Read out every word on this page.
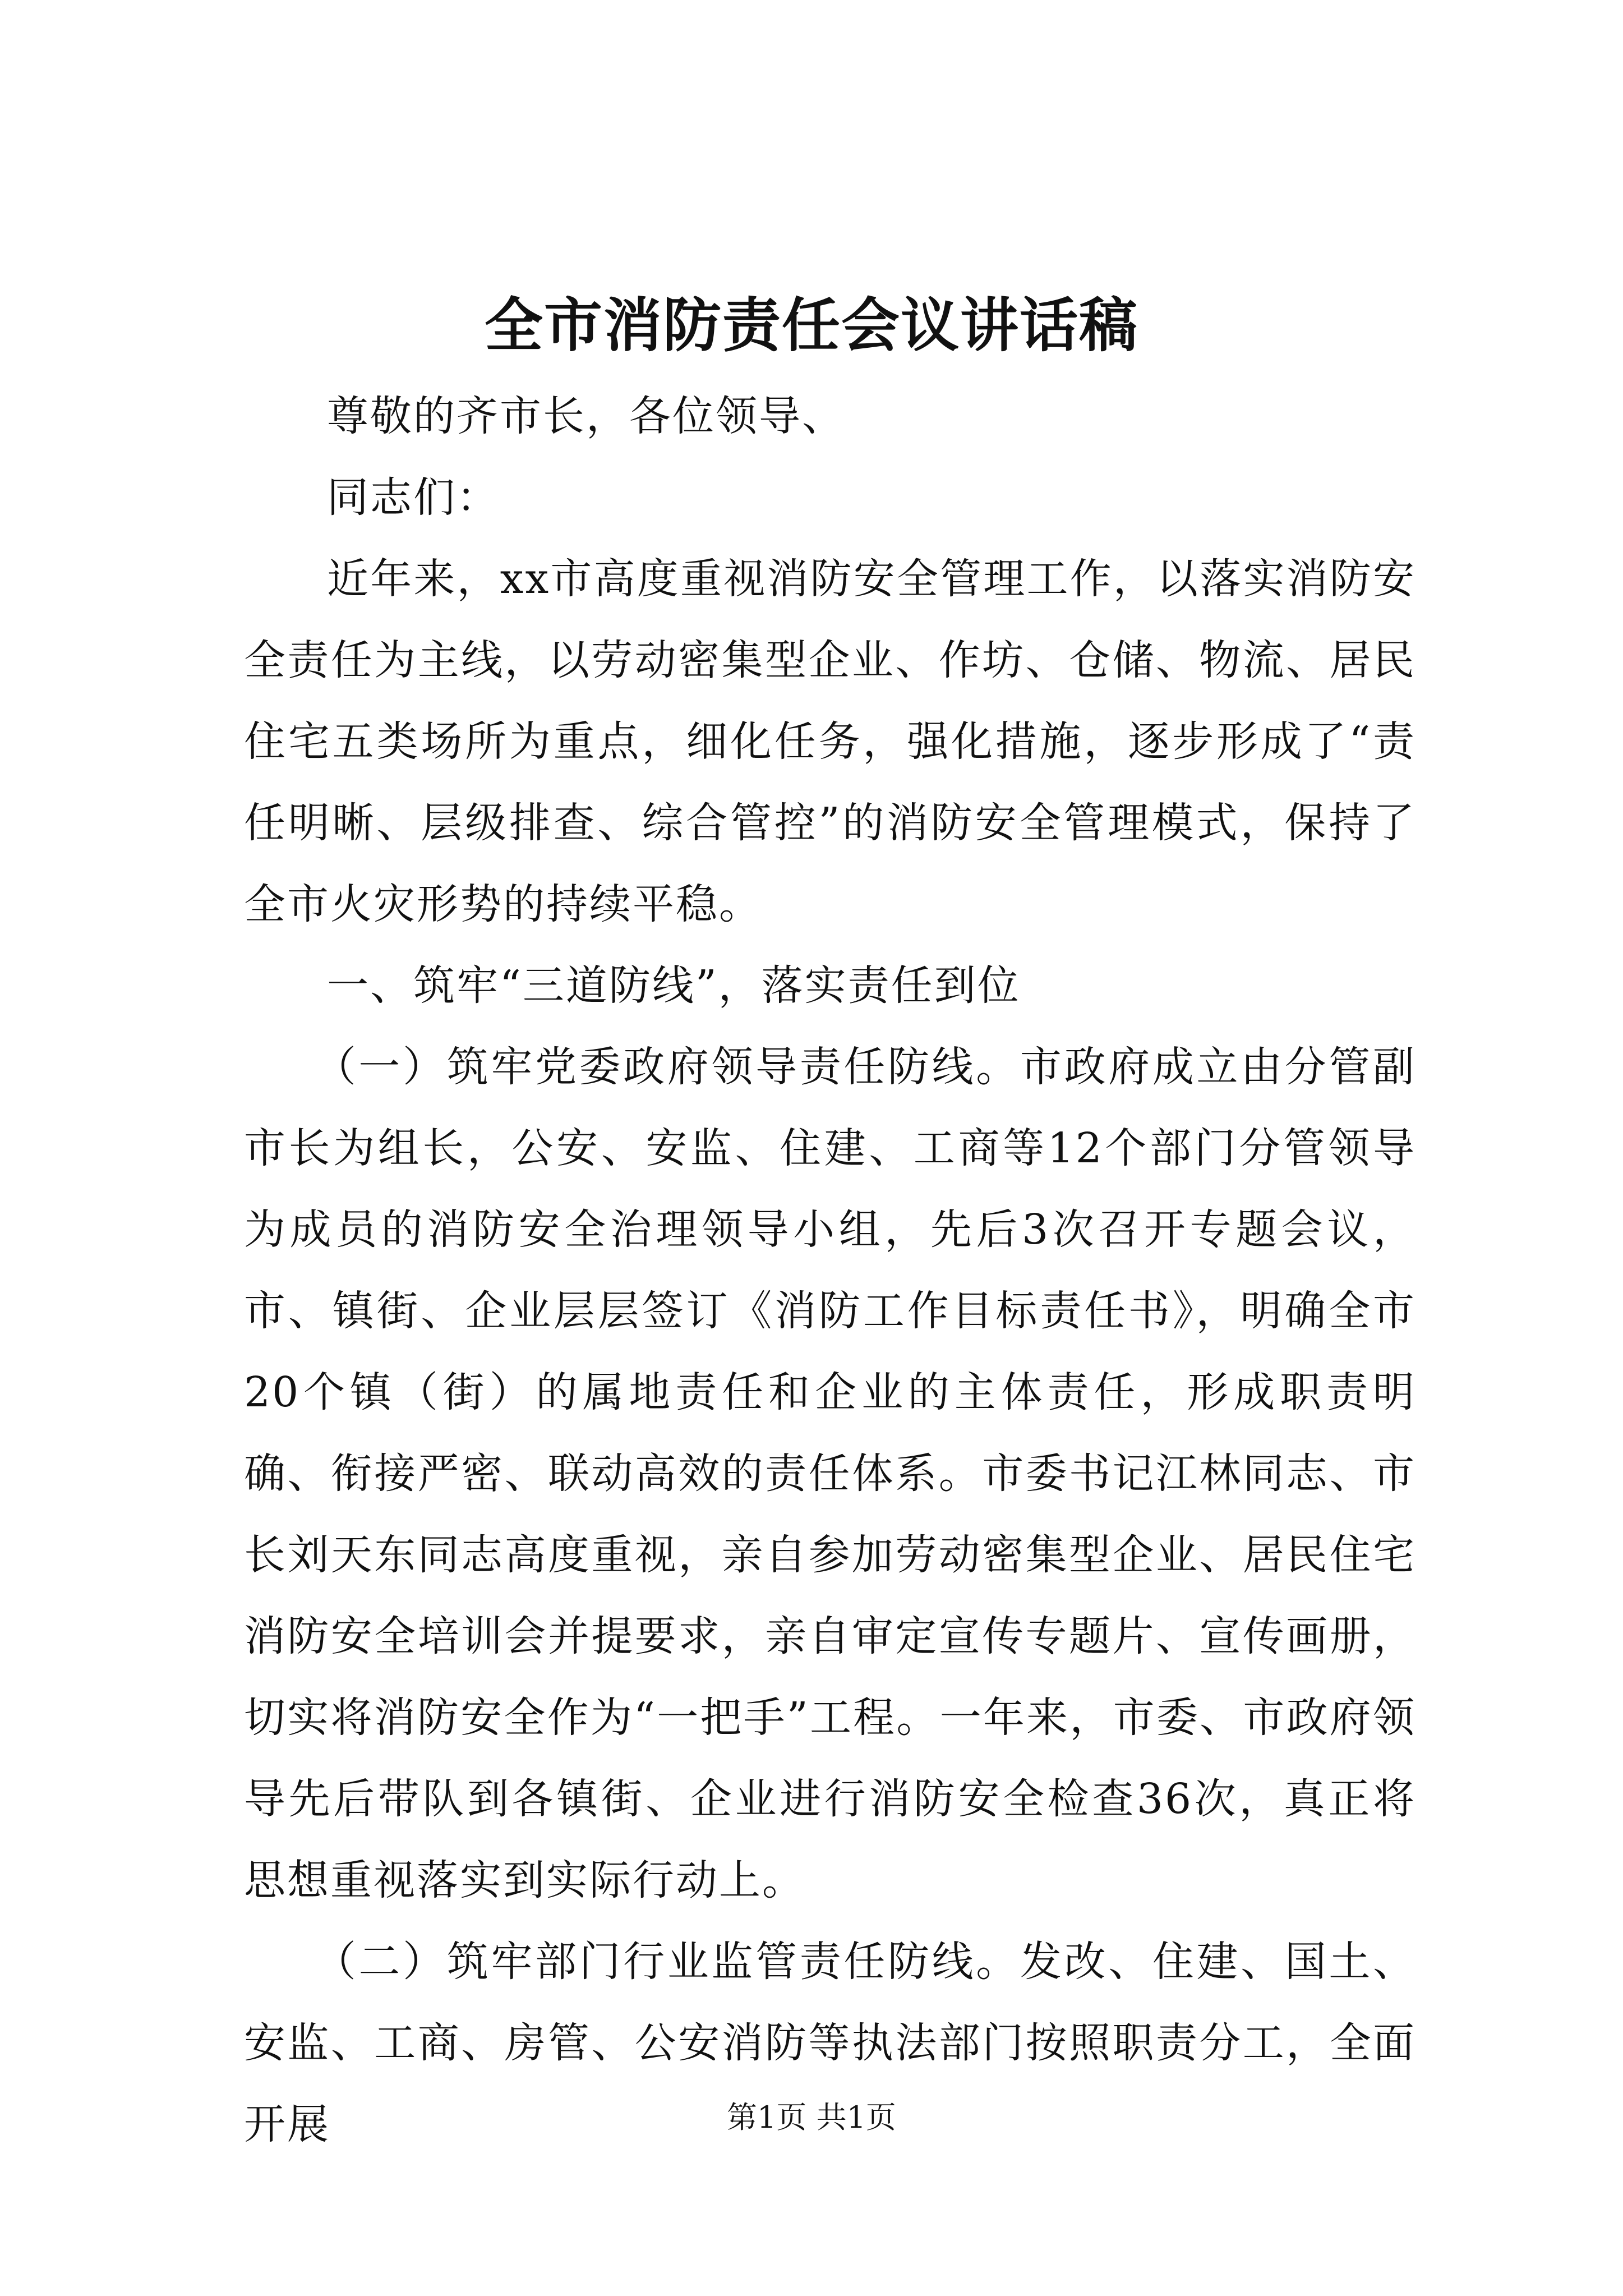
全市消防责任会议讲话稿

尊敬的齐市长，各位领导、

同志们：

近年来，xx市高度重视消防安全管理工作，以落实消防安全责任为主线，以劳动密集型企业、作坊、仓储、物流、居民住宅五类场所为重点，细化任务，强化措施，逐步形成了“责任明晰、层级排查、综合管控”的消防安全管理模式，保持了全市火灾形势的持续平稳。

一、筑牢“三道防线”，落实责任到位

（一）筑牢党委政府领导责任防线。市政府成立由分管副市长为组长，公安、安监、住建、工商等12个部门分管领导为成员的消防安全治理领导小组，先后3次召开专题会议，市、镇街、企业层层签订《消防工作目标责任书》，明确全市20个镇（街）的属地责任和企业的主体责任，形成职责明确、衔接严密、联动高效的责任体系。市委书记江林同志、市长刘天东同志高度重视，亲自参加劳动密集型企业、居民住宅消防安全培训会并提要求，亲自审定宣传专题片、宣传画册，切实将消防安全作为“一把手”工程。一年来，市委、市政府领导先后带队到各镇街、企业进行消防安全检查36次，真正将思想重视落实到实际行动上。

（二）筑牢部门行业监管责任防线。发改、住建、国土、安监、工商、房管、公安消防等执法部门按照职责分工，全面开展	第1页 共1页
